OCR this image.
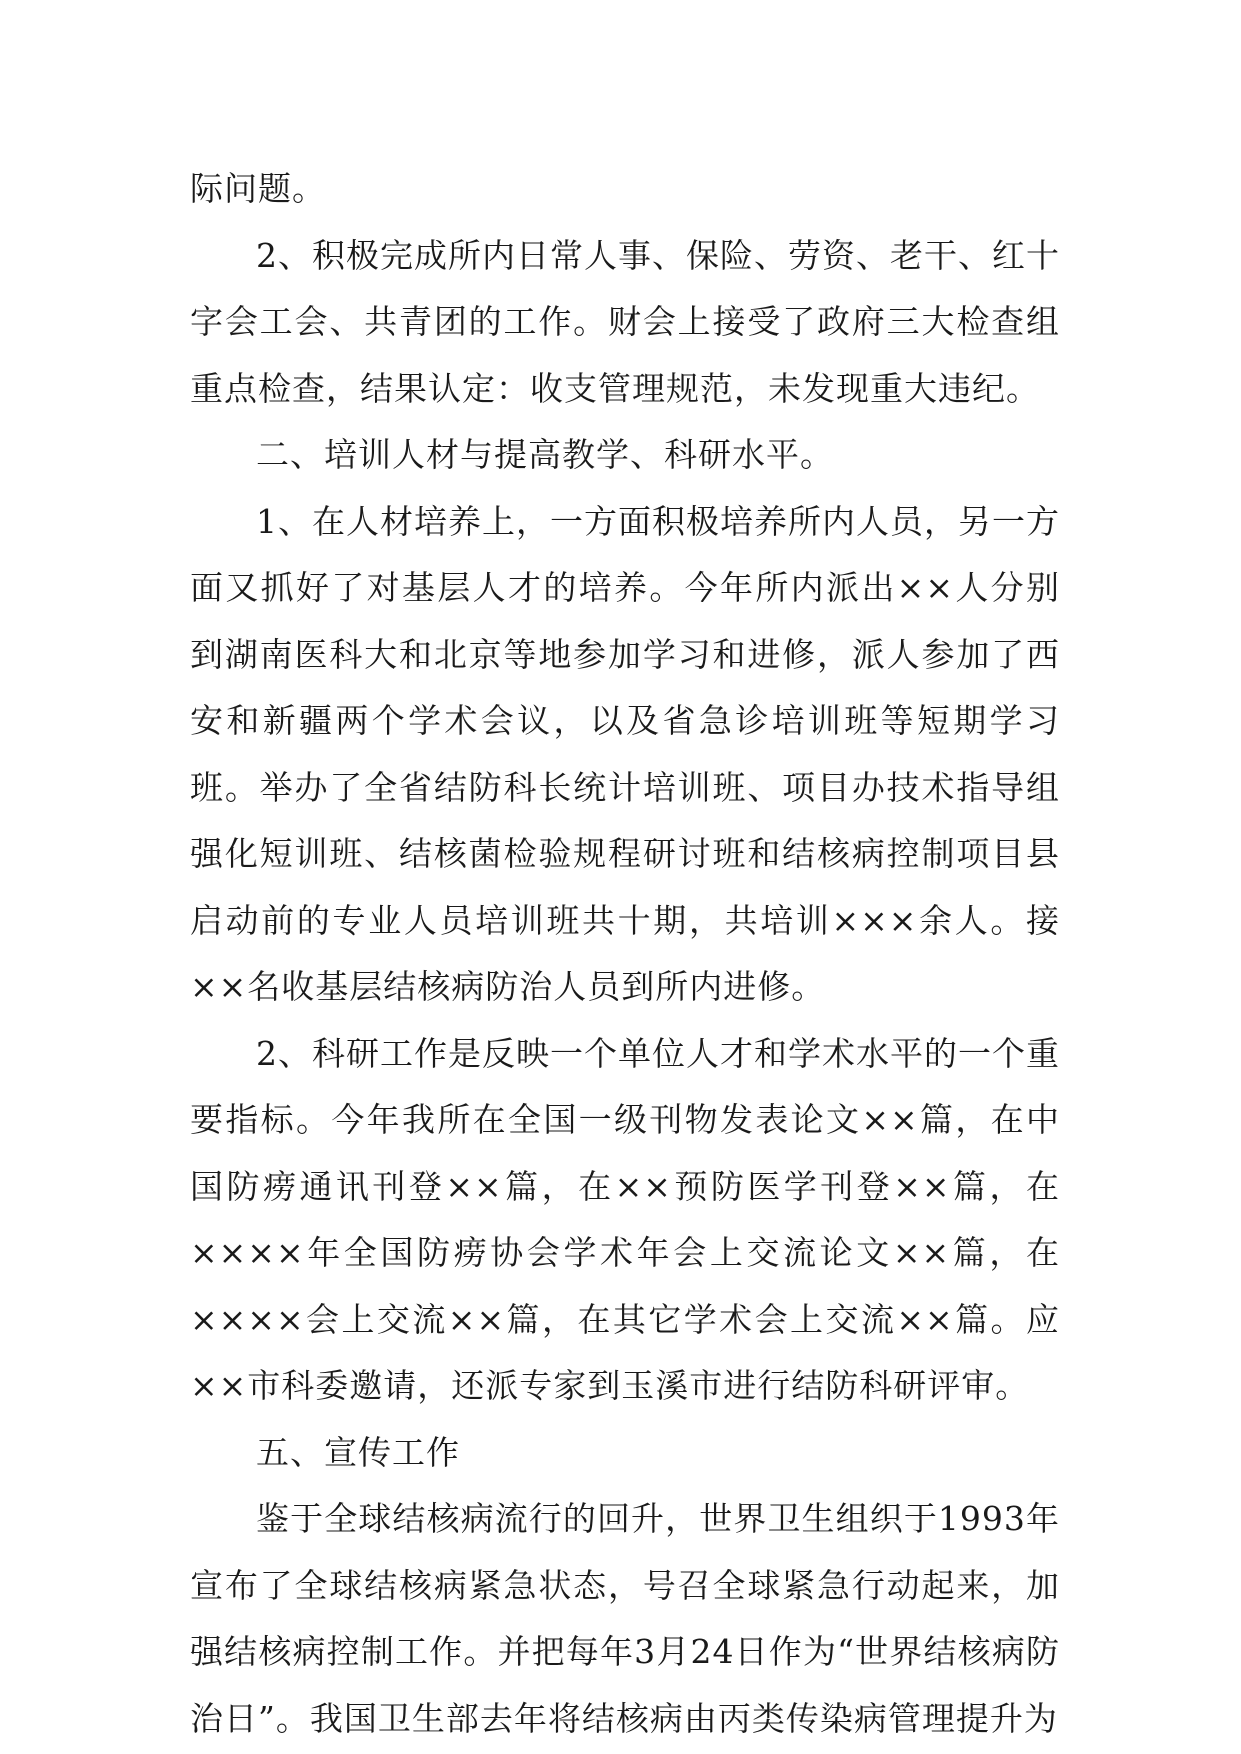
际问题。

2、积极完成所内日常人事、保险、劳资、老干、红十字会工会、共青团的工作。财会上接受了政府三大检查组重点检查，结果认定：收支管理规范，未发现重大违纪。

二、培训人材与提高教学、科研水平。

1、在人材培养上，一方面积极培养所内人员，另一方面又抓好了对基层人才的培养。今年所内派出××人分别到湖南医科大和北京等地参加学习和进修，派人参加了西安和新疆两个学术会议，以及省急诊培训班等短期学习班。举办了全省结防科长统计培训班、项目办技术指导组强化短训班、结核菌检验规程研讨班和结核病控制项目县启动前的专业人员培训班共十期，共培训×××余人。接××名收基层结核病防治人员到所内进修。

2、科研工作是反映一个单位人才和学术水平的一个重要指标。今年我所在全国一级刊物发表论文××篇，在中国防痨通讯刊登××篇，在××预防医学刊登××篇，在××××年全国防痨协会学术年会上交流论文××篇，在××××会上交流××篇，在其它学术会上交流××篇。应××市科委邀请，还派专家到玉溪市进行结防科研评审。

五、宣传工作

鉴于全球结核病流行的回升，世界卫生组织于1993年宣布了全球结核病紧急状态，号召全球紧急行动起来，加强结核病控制工作。并把每年3月24日作为“世界结核病防治日”。我国卫生部去年将结核病由丙类传染病管理提升为
